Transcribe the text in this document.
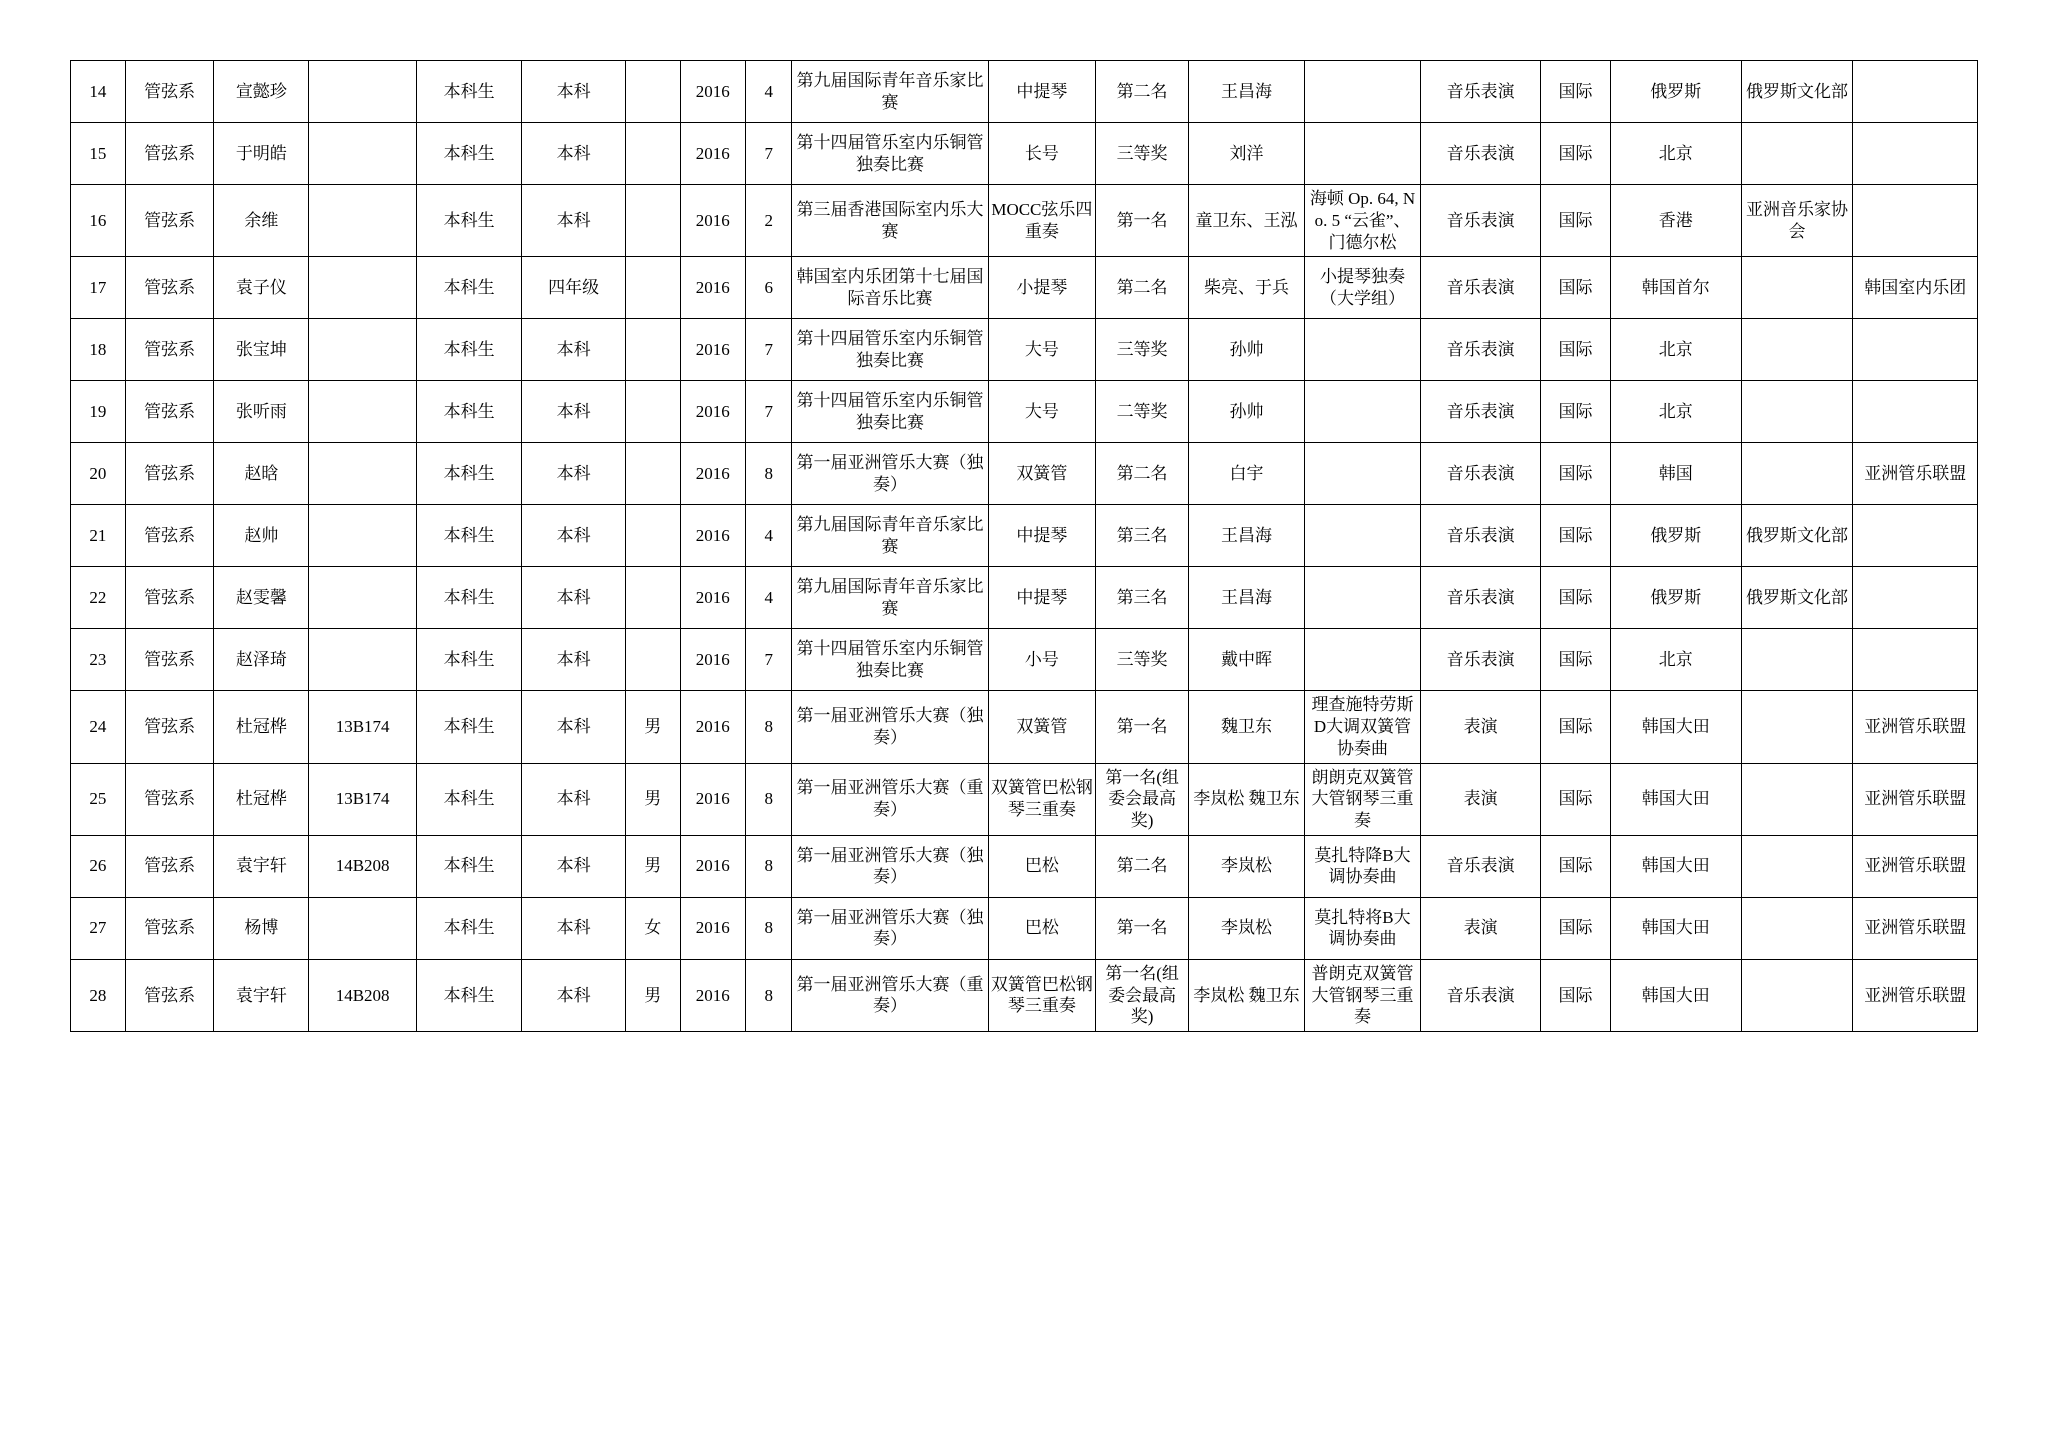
14	管弦系	宣懿珍		本科生	本科		2016	4	第九届国际青年音乐家比赛	中提琴	第二名	王昌海		音乐表演	国际	俄罗斯	俄罗斯文化部	
15	管弦系	于明皓		本科生	本科		2016	7	第十四届管乐室内乐铜管独奏比赛	长号	三等奖	刘洋		音乐表演	国际	北京		
16	管弦系	余维		本科生	本科		2016	2	第三届香港国际室内乐大赛	MOCC弦乐四重奏	第一名	童卫东、王泓	海顿 Op. 64, No. 5 “云雀”、门德尔松	音乐表演	国际	香港	亚洲音乐家协会	
17	管弦系	袁子仪		本科生	四年级		2016	6	韩国室内乐团第十七届国际音乐比赛	小提琴	第二名	柴亮、于兵	小提琴独奏（大学组）	音乐表演	国际	韩国首尔		韩国室内乐团
18	管弦系	张宝坤		本科生	本科		2016	7	第十四届管乐室内乐铜管独奏比赛	大号	三等奖	孙帅		音乐表演	国际	北京		
19	管弦系	张听雨		本科生	本科		2016	7	第十四届管乐室内乐铜管独奏比赛	大号	二等奖	孙帅		音乐表演	国际	北京		
20	管弦系	赵晗		本科生	本科		2016	8	第一届亚洲管乐大赛（独奏）	双簧管	第二名	白宇		音乐表演	国际	韩国		亚洲管乐联盟
21	管弦系	赵帅		本科生	本科		2016	4	第九届国际青年音乐家比赛	中提琴	第三名	王昌海		音乐表演	国际	俄罗斯	俄罗斯文化部	
22	管弦系	赵雯馨		本科生	本科		2016	4	第九届国际青年音乐家比赛	中提琴	第三名	王昌海		音乐表演	国际	俄罗斯	俄罗斯文化部	
23	管弦系	赵泽琦		本科生	本科		2016	7	第十四届管乐室内乐铜管独奏比赛	小号	三等奖	戴中晖		音乐表演	国际	北京		
24	管弦系	杜冠桦	13B174	本科生	本科	男	2016	8	第一届亚洲管乐大赛（独奏）	双簧管	第一名	魏卫东	理查施特劳斯D大调双簧管协奏曲	表演	国际	韩国大田		亚洲管乐联盟
25	管弦系	杜冠桦	13B174	本科生	本科	男	2016	8	第一届亚洲管乐大赛（重奏）	双簧管巴松钢琴三重奏	第一名(组委会最高奖)	李岚松 魏卫东	朗朗克双簧管大管钢琴三重奏	表演	国际	韩国大田		亚洲管乐联盟
26	管弦系	袁宇轩	14B208	本科生	本科	男	2016	8	第一届亚洲管乐大赛（独奏）	巴松	第二名	李岚松	莫扎特降B大调协奏曲	音乐表演	国际	韩国大田		亚洲管乐联盟
27	管弦系	杨博		本科生	本科	女	2016	8	第一届亚洲管乐大赛（独奏）	巴松	第一名	李岚松	莫扎特将B大调协奏曲	表演	国际	韩国大田		亚洲管乐联盟
28	管弦系	袁宇轩	14B208	本科生	本科	男	2016	8	第一届亚洲管乐大赛（重奏）	双簧管巴松钢琴三重奏	第一名(组委会最高奖)	李岚松 魏卫东	普朗克双簧管大管钢琴三重奏	音乐表演	国际	韩国大田		亚洲管乐联盟
